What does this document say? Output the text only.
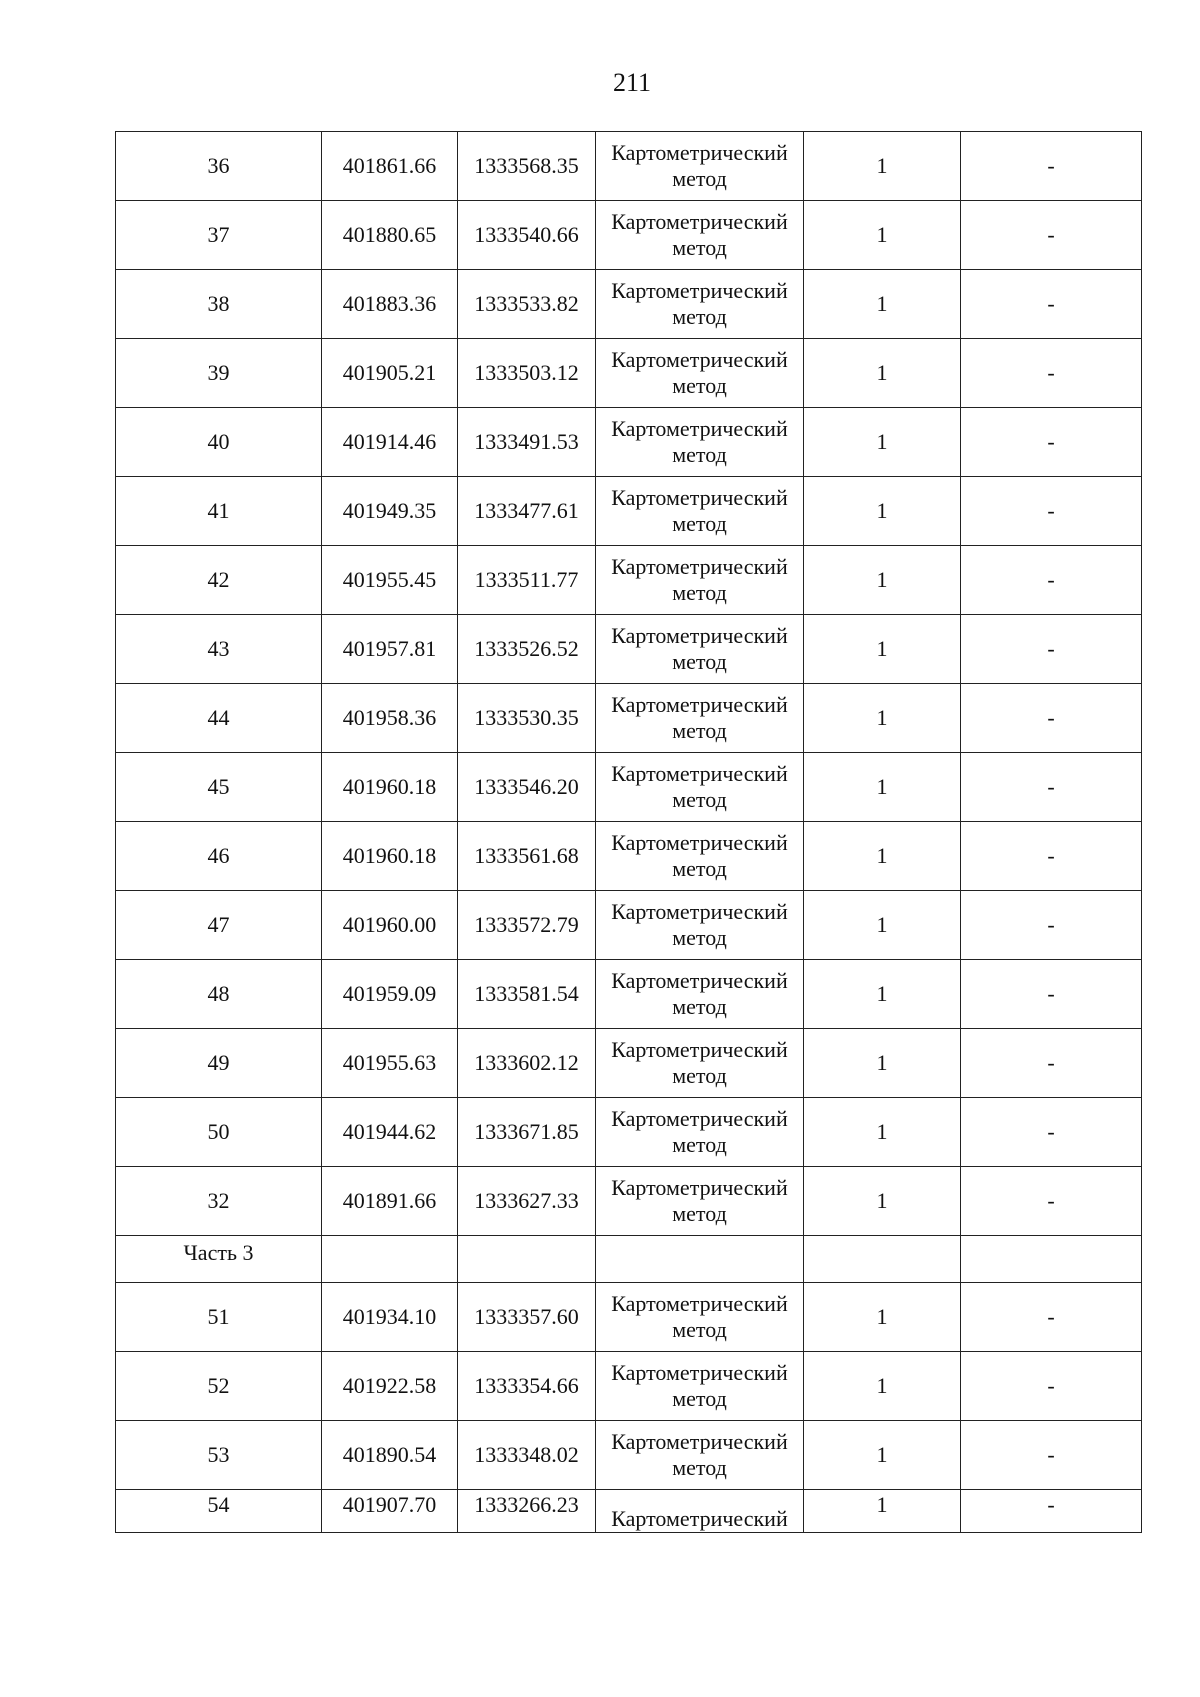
211
36	401861.66	1333568.35	Картометрический
метод	1	-
37	401880.65	1333540.66	Картометрический
метод	1	-
38	401883.36	1333533.82	Картометрический
метод	1	-
39	401905.21	1333503.12	Картометрический
метод	1	-
40	401914.46	1333491.53	Картометрический
метод	1	-
41	401949.35	1333477.61	Картометрический
метод	1	-
42	401955.45	1333511.77	Картометрический
метод	1	-
43	401957.81	1333526.52	Картометрический
метод	1	-
44	401958.36	1333530.35	Картометрический
метод	1	-
45	401960.18	1333546.20	Картометрический
метод	1	-
46	401960.18	1333561.68	Картометрический
метод	1	-
47	401960.00	1333572.79	Картометрический
метод	1	-
48	401959.09	1333581.54	Картометрический
метод	1	-
49	401955.63	1333602.12	Картометрический
метод	1	-
50	401944.62	1333671.85	Картометрический
метод	1	-
32	401891.66	1333627.33	Картометрический
метод	1	-
Часть 3					
51	401934.10	1333357.60	Картометрический
метод	1	-
52	401922.58	1333354.66	Картометрический
метод	1	-
53	401890.54	1333348.02	Картометрический
метод	1	-
54	401907.70	1333266.23	Картометрический	1	-
